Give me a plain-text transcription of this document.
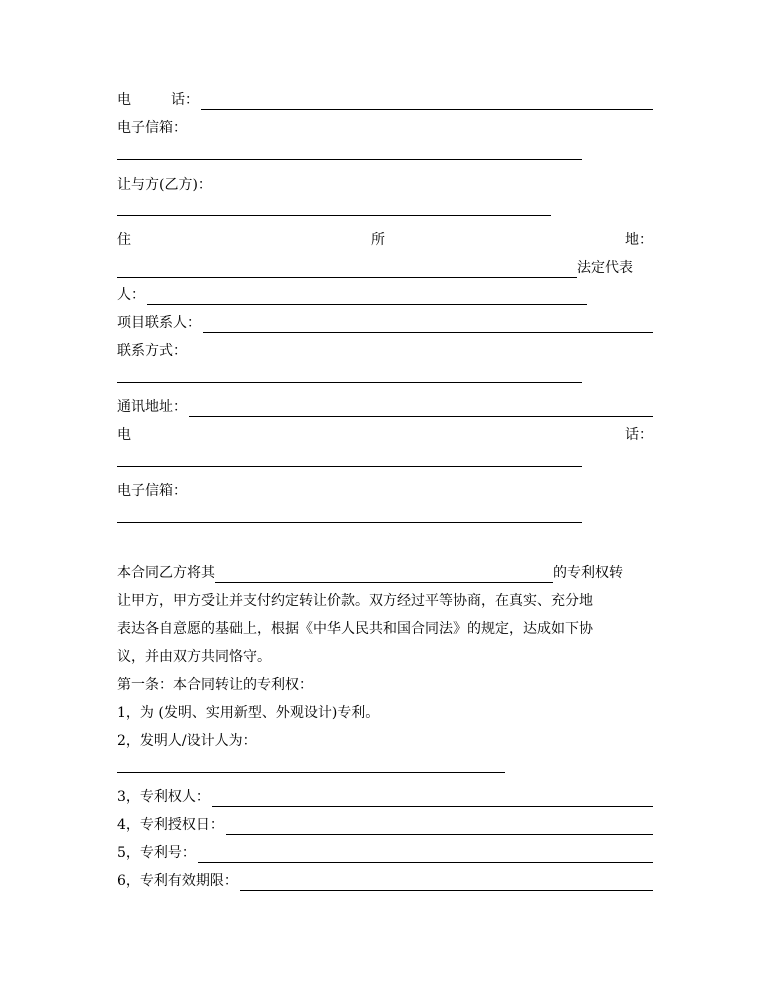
电	话：
电子信箱：
让与方(乙方)：
住	所	地：
法定代表
人：
项目联系人：
联系方式：
通讯地址：
电	话：
电子信箱：
本合同乙方将其	的专利权转
让甲方，甲方受让并支付约定转让价款。双方经过平等协商，在真实、充分地
表达各自意愿的基础上，根据《中华人民共和国合同法》的规定，达成如下协
议，并由双方共同恪守。
第一条：本合同转让的专利权：
1，为 (发明、实用新型、外观设计)专利。
2，发明人/设计人为：
3，专利权人：
4，专利授权日：
5，专利号：
6，专利有效期限：
